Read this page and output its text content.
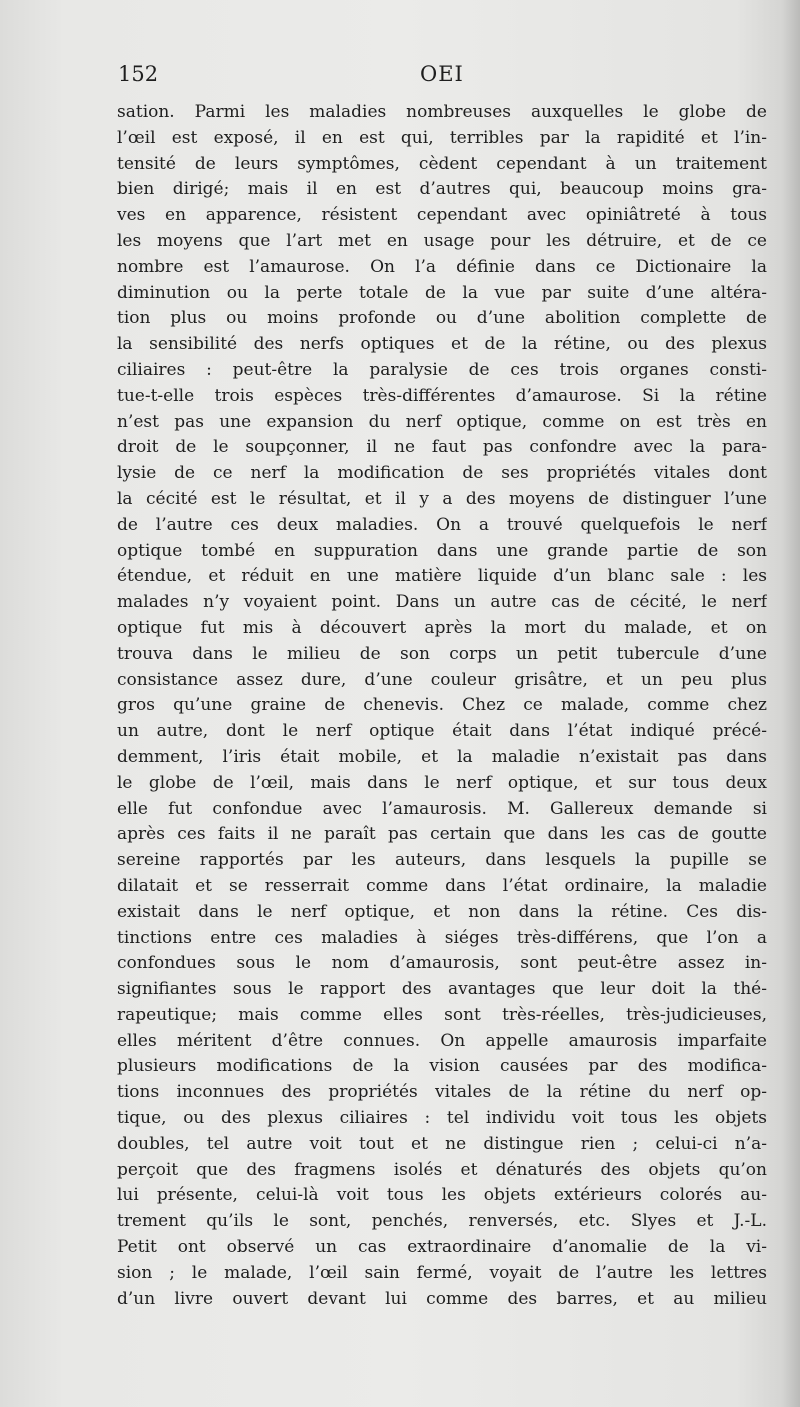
152	OEI
sation. Parmi les maladies nombreuses auxquelles le globe de
l’œil est exposé, il en est qui, terribles par la rapidité et l’in-
tensité de leurs symptômes, cèdent cependant à un traitement
bien dirigé; mais il en est d’autres qui, beaucoup moins gra-
ves en apparence, résistent cependant avec opiniâtreté à tous
les moyens que l’art met en usage pour les détruire, et de ce
nombre est l’amaurose. On l’a définie dans ce Dictionaire la
diminution ou la perte totale de la vue par suite d’une altéra-
tion plus ou moins profonde ou d’une abolition complette de
la sensibilité des nerfs optiques et de la rétine, ou des plexus
ciliaires : peut-être la paralysie de ces trois organes consti-
tue-t-elle trois espèces très-différentes d’amaurose. Si la rétine
n’est pas une expansion du nerf optique, comme on est très en
droit de le soupçonner, il ne faut pas confondre avec la para-
lysie de ce nerf la modification de ses propriétés vitales dont
la cécité est le résultat, et il y a des moyens de distinguer l’une
de l’autre ces deux maladies. On a trouvé quelquefois le nerf
optique tombé en suppuration dans une grande partie de son
étendue, et réduit en une matière liquide d’un blanc sale : les
malades n’y voyaient point. Dans un autre cas de cécité, le nerf
optique fut mis à découvert après la mort du malade, et on
trouva dans le milieu de son corps un petit tubercule d’une
consistance assez dure, d’une couleur grisâtre, et un peu plus
gros qu’une graine de chenevis. Chez ce malade, comme chez
un autre, dont le nerf optique était dans l’état indiqué précé-
demment, l’iris était mobile, et la maladie n’existait pas dans
le globe de l’œil, mais dans le nerf optique, et sur tous deux
elle fut confondue avec l’amaurosis. M. Gallereux demande si
après ces faits il ne paraît pas certain que dans les cas de goutte
sereine rapportés par les auteurs, dans lesquels la pupille se
dilatait et se resserrait comme dans l’état ordinaire, la maladie
existait dans le nerf optique, et non dans la rétine. Ces dis-
tinctions entre ces maladies à siéges très-différens, que l’on a
confondues sous le nom d’amaurosis, sont peut-être assez in-
signifiantes sous le rapport des avantages que leur doit la thé-
rapeutique; mais comme elles sont très-réelles, très-judicieuses,
elles méritent d’être connues. On appelle amaurosis imparfaite
plusieurs modifications de la vision causées par des modifica-
tions inconnues des propriétés vitales de la rétine du nerf op-
tique, ou des plexus ciliaires : tel individu voit tous les objets
doubles, tel autre voit tout et ne distingue rien ; celui-ci n’a-
perçoit que des fragmens isolés et dénaturés des objets qu’on
lui présente, celui-là voit tous les objets extérieurs colorés au-
trement qu’ils le sont, penchés, renversés, etc. Slyes et J.-L.
Petit ont observé un cas extraordinaire d’anomalie de la vi-
sion ; le malade, l’œil sain fermé, voyait de l’autre les lettres
d’un livre ouvert devant lui comme des barres, et au milieu
